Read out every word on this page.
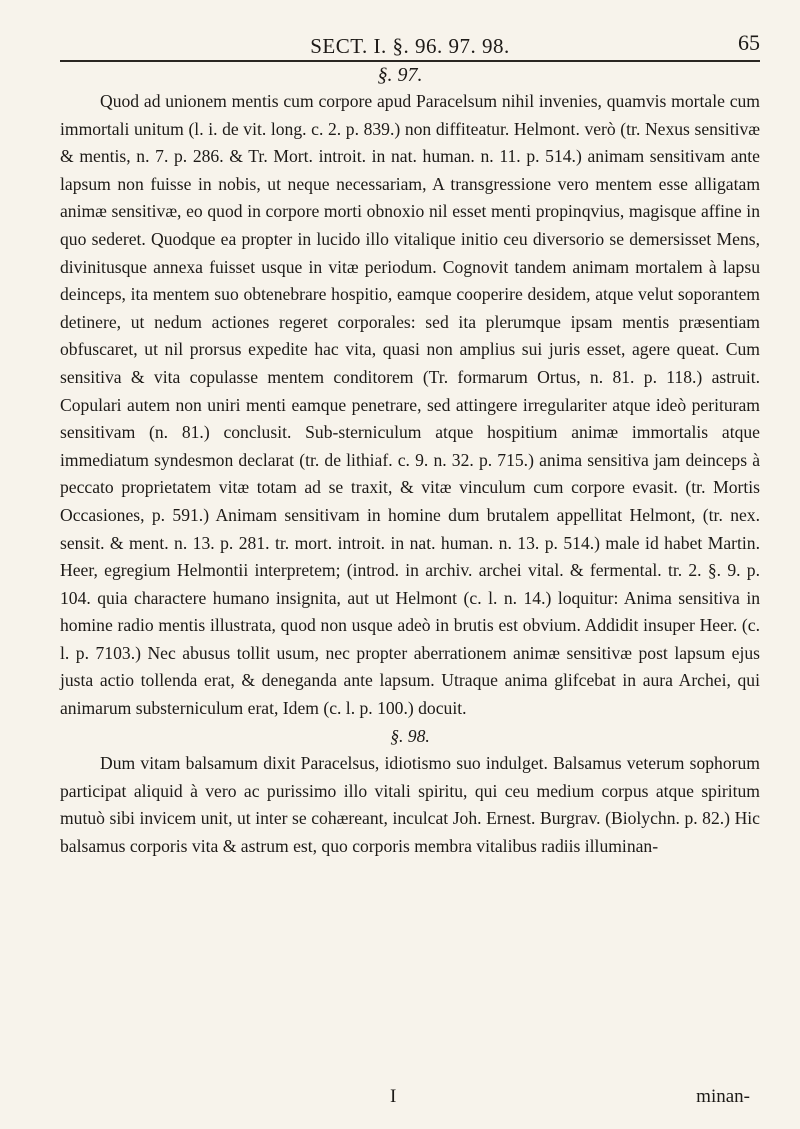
SECT. I. §. 96. 97. 98.	65
§. 97.

Quod ad unionem mentis cum corpore apud Paracelsum nihil invenies, quamvis mortale cum immortali unitum (l. i. de vit. long. c. 2. p. 839.) non diffiteatur. Helmont. verò (tr. Nexus sensitivæ & mentis, n. 7. p. 286. & Tr. Mort. introit. in nat. human. n. 11. p. 514.) animam sensitivam ante lapsum non fuisse in nobis, ut neque necessariam, A transgressione vero mentem esse alligatam animæ sensitivæ, eo quod in corpore morti obnoxio nil esset menti propinqvius, magisque affine in quo sederet. Quodque ea propter in lucido illo vitalique initio ceu diversorio se demersisset Mens, divinitusque annexa fuisset usque in vitæ periodum. Cognovit tandem animam mortalem à lapsu deinceps, ita mentem suo obtenebrare hospitio, eamque cooperire desidem, atque velut soporantem detinere, ut nedum actiones regeret corporales: sed ita plerumque ipsam mentis præsentiam obfuscaret, ut nil prorsus expedite hac vita, quasi non amplius sui juris esset, agere queat. Cum sensitiva & vita copulasse mentem conditorem (Tr. formarum Ortus, n. 81. p. 118.) astruit. Copulari autem non uniri menti eamque penetrare, sed attingere irregulariter atque ideò perituram sensitivam (n. 81.) conclusit. Sub-sterniculum atque hospitium animæ immortalis atque immediatum syndesmon declarat (tr. de lithiaf. c. 9. n. 32. p. 715.) anima sensitiva jam deinceps à peccato proprietatem vitæ totam ad se traxit, & vitæ vinculum cum corpore evasit. (tr. Mortis Occasiones, p. 591.) Animam sensitivam in homine dum brutalem appellitat Helmont, (tr. nex. sensit. & ment. n. 13. p. 281. tr. mort. introit. in nat. human. n. 13. p. 514.) male id habet Martin. Heer, egregium Helmontii interpretem; (introd. in archiv. archei vital. & fermental. tr. 2. §. 9. p. 104. quia charactere humano insignita, aut ut Helmont (c. l. n. 14.) loquitur: Anima sensitiva in homine radio mentis illustrata, quod non usque adeò in brutis est obvium. Addidit insuper Heer. (c. l. p. 7103.) Nec abusus tollit usum, nec propter aberrationem animæ sensitivæ post lapsum ejus justa actio tollenda erat, & deneganda ante lapsum. Utraque anima glifcebat in aura Archei, qui animarum substerniculum erat, Idem (c. l. p. 100.) docuit.

§. 98.

Dum vitam balsamum dixit Paracelsus, idiotismo suo indulget. Balsamus veterum sophorum participat aliquid à vero ac purissimo illo vitali spiritu, qui ceu medium corpus atque spiritum mutuò sibi invicem unit, ut inter se cohæreant, inculcat Joh. Ernest. Burgrav. (Biolychn. p. 82.) Hic balsamus corporis vita & astrum est, quo corporis membra vitalibus radiis illuminan-

I	minan-
